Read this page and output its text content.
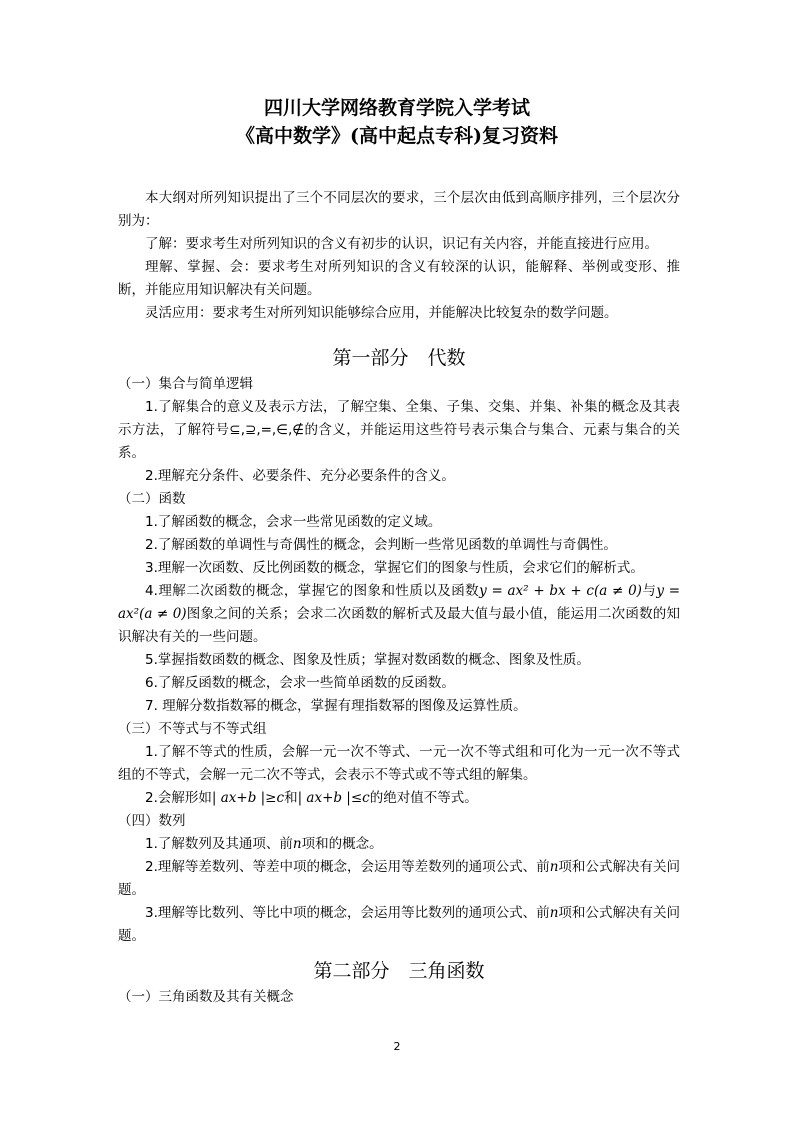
四川大学网络教育学院入学考试
《高中数学》(高中起点专科)复习资料

本大纲对所列知识提出了三个不同层次的要求，三个层次由低到高顺序排列，三个层次分别为：

了解：要求考生对所列知识的含义有初步的认识，识记有关内容，并能直接进行应用。

理解、掌握、会：要求考生对所列知识的含义有较深的认识，能解释、举例或变形、推断，并能应用知识解决有关问题。

灵活应用：要求考生对所列知识能够综合应用，并能解决比较复杂的数学问题。

第一部分　代数

（一）集合与简单逻辑

1.了解集合的意义及表示方法，了解空集、全集、子集、交集、并集、补集的概念及其表示方法，了解符号⊆,⊇,=,∈,∉的含义，并能运用这些符号表示集合与集合、元素与集合的关系。

2.理解充分条件、必要条件、充分必要条件的含义。

（二）函数

1.了解函数的概念，会求一些常见函数的定义域。

2.了解函数的单调性与奇偶性的概念，会判断一些常见函数的单调性与奇偶性。

3.理解一次函数、反比例函数的概念，掌握它们的图象与性质，会求它们的解析式。

4.理解二次函数的概念，掌握它的图象和性质以及函数y = ax² + bx + c(a ≠ 0)与y = ax²(a ≠ 0)图象之间的关系；会求二次函数的解析式及最大值与最小值，能运用二次函数的知识解决有关的一些问题。

5.掌握指数函数的概念、图象及性质；掌握对数函数的概念、图象及性质。

6.了解反函数的概念，会求一些简单函数的反函数。

7. 理解分数指数幂的概念，掌握有理指数幂的图像及运算性质。

（三）不等式与不等式组

1.了解不等式的性质，会解一元一次不等式、一元一次不等式组和可化为一元一次不等式组的不等式，会解一元二次不等式，会表示不等式或不等式组的解集。

2.会解形如| ax+b |≥c和| ax+b |≤c的绝对值不等式。

（四）数列

1.了解数列及其通项、前n项和的概念。

2.理解等差数列、等差中项的概念，会运用等差数列的通项公式、前n项和公式解决有关问题。

3.理解等比数列、等比中项的概念，会运用等比数列的通项公式、前n项和公式解决有关问题。

第二部分　三角函数

（一）三角函数及其有关概念

2
